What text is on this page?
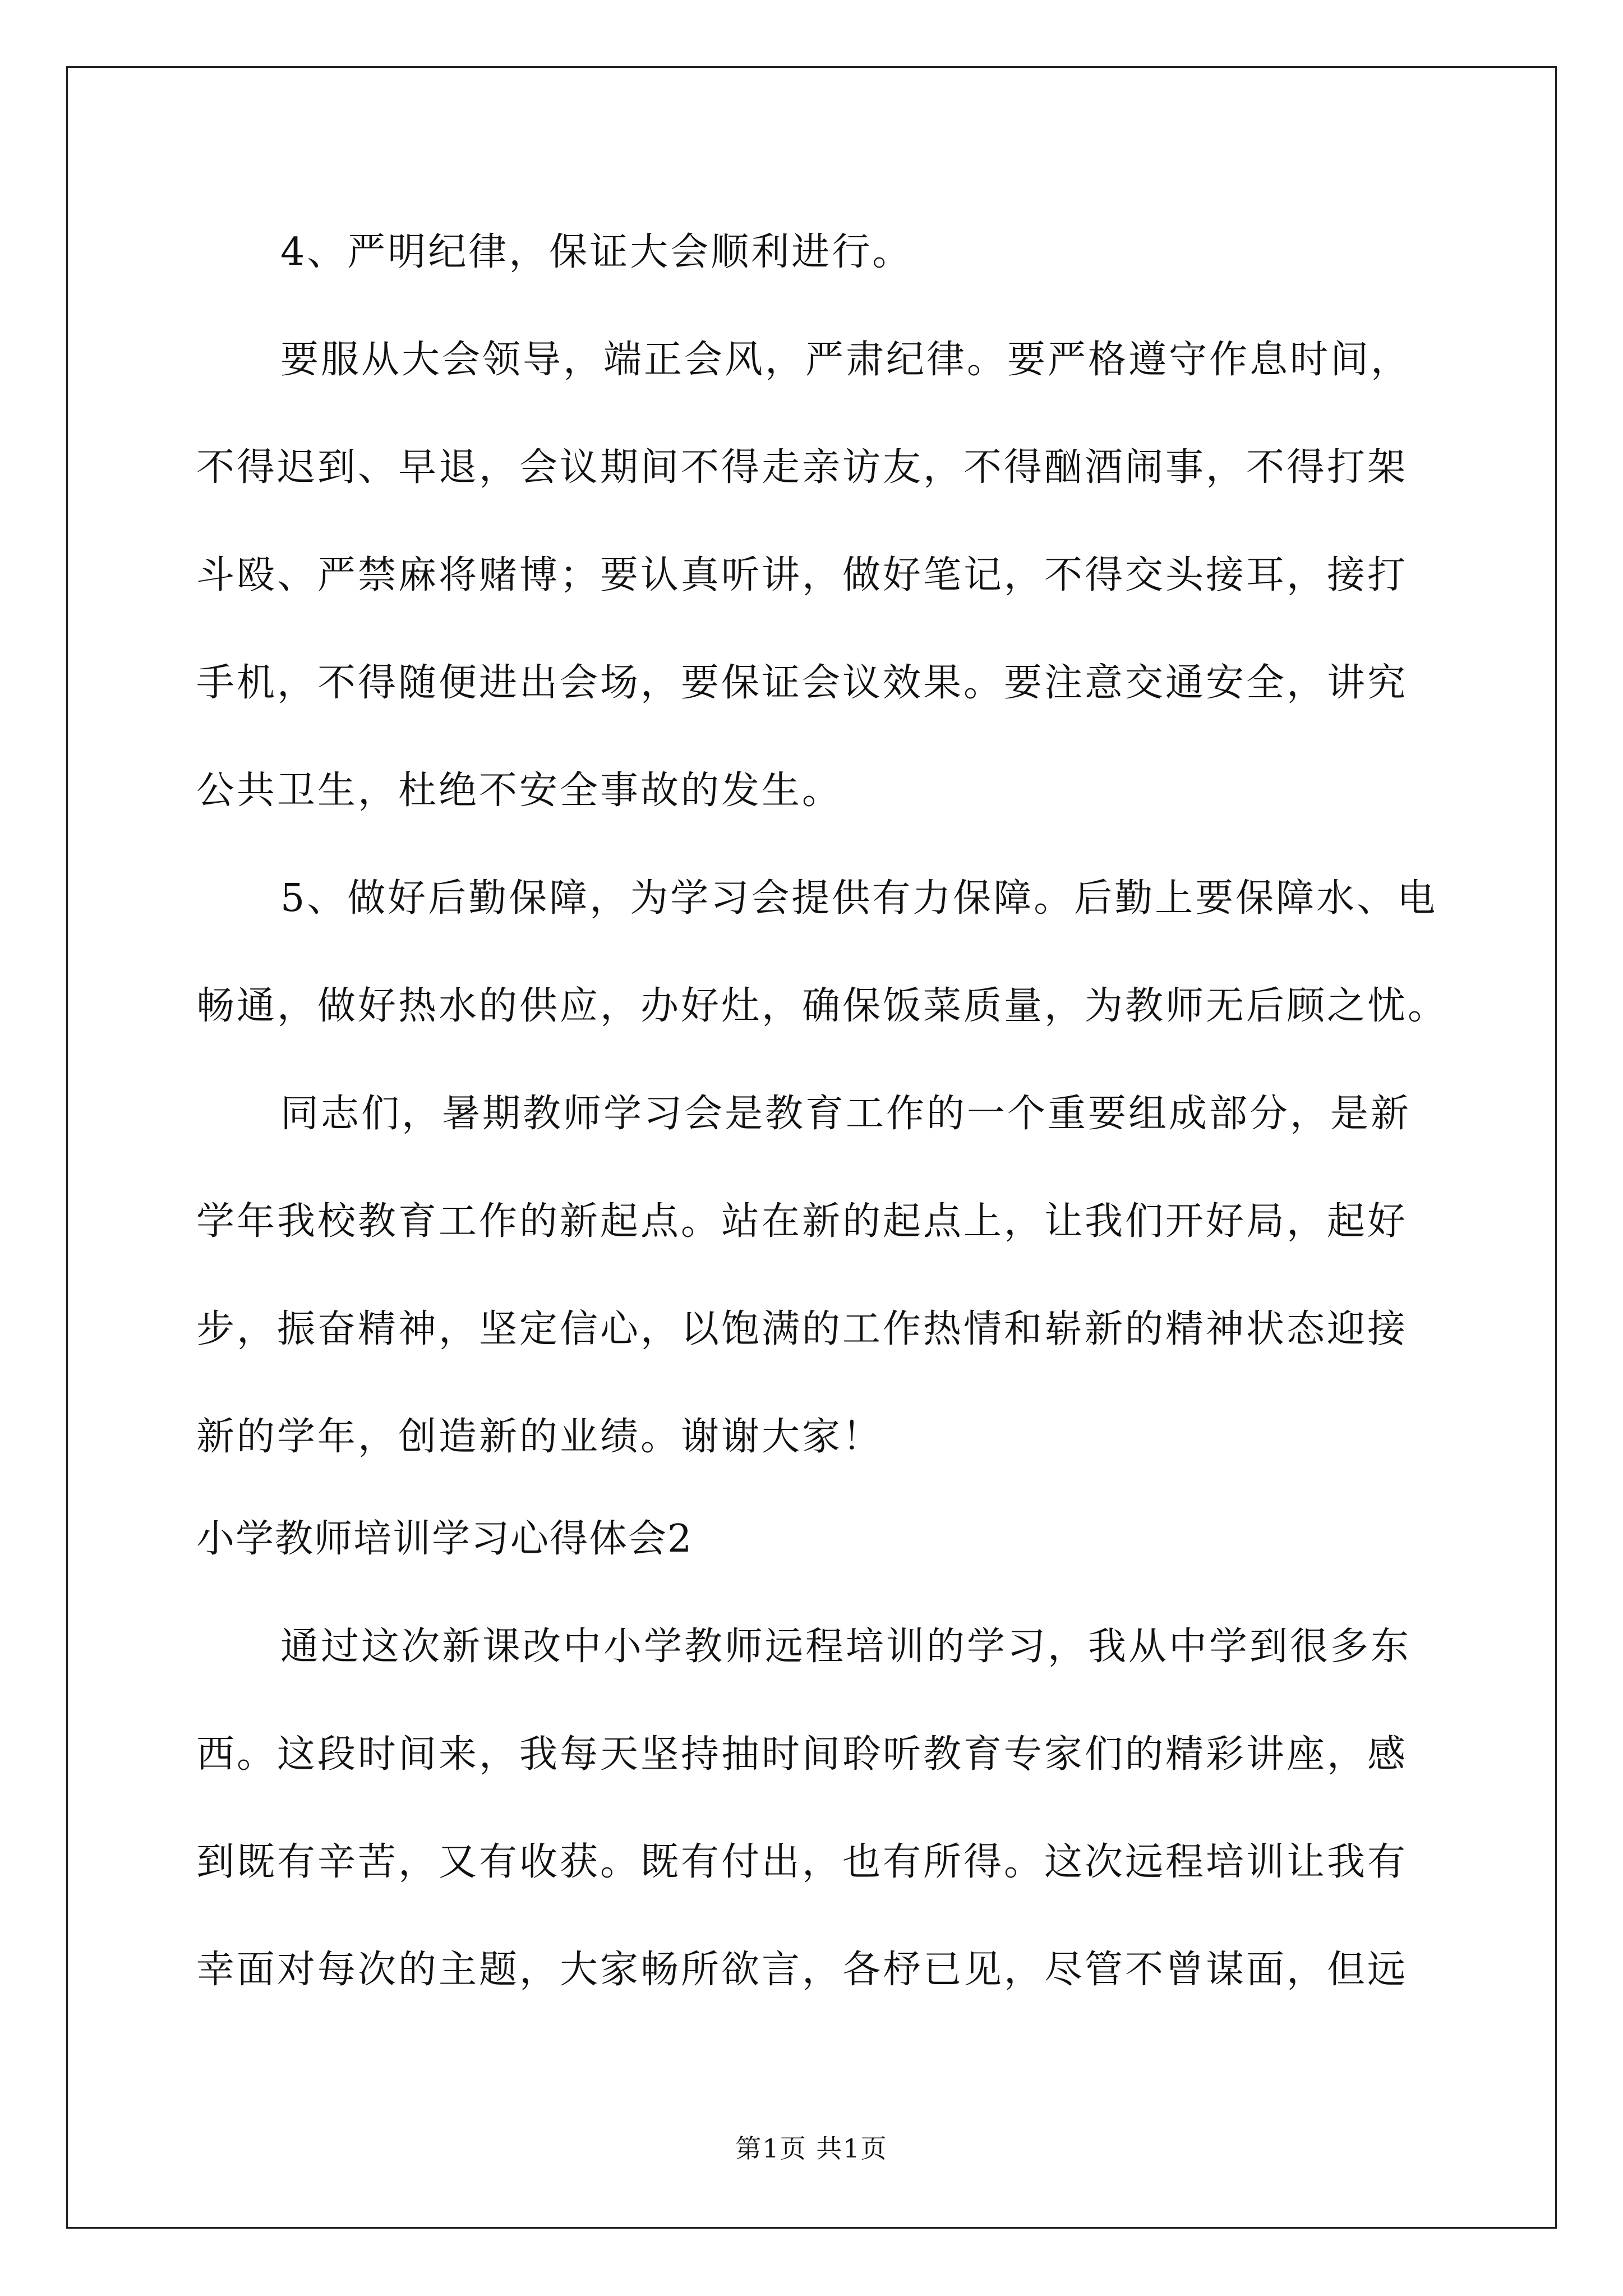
4、严明纪律，保证大会顺利进行。
要服从大会领导，端正会风，严肃纪律。要严格遵守作息时间，
不得迟到、早退，会议期间不得走亲访友，不得酗酒闹事，不得打架
斗殴、严禁麻将赌博；要认真听讲，做好笔记，不得交头接耳，接打
手机，不得随便进出会场，要保证会议效果。要注意交通安全，讲究
公共卫生，杜绝不安全事故的发生。
5、做好后勤保障，为学习会提供有力保障。后勤上要保障水、电
畅通，做好热水的供应，办好灶，确保饭菜质量，为教师无后顾之忧。
同志们，暑期教师学习会是教育工作的一个重要组成部分，是新
学年我校教育工作的新起点。站在新的起点上，让我们开好局，起好
步，振奋精神，坚定信心，以饱满的工作热情和崭新的精神状态迎接
新的学年，创造新的业绩。谢谢大家！
小学教师培训学习心得体会2
通过这次新课改中小学教师远程培训的学习，我从中学到很多东
西。这段时间来，我每天坚持抽时间聆听教育专家们的精彩讲座，感
到既有辛苦，又有收获。既有付出，也有所得。这次远程培训让我有
幸面对每次的主题，大家畅所欲言，各杼已见，尽管不曾谋面，但远
第1页 共1页
